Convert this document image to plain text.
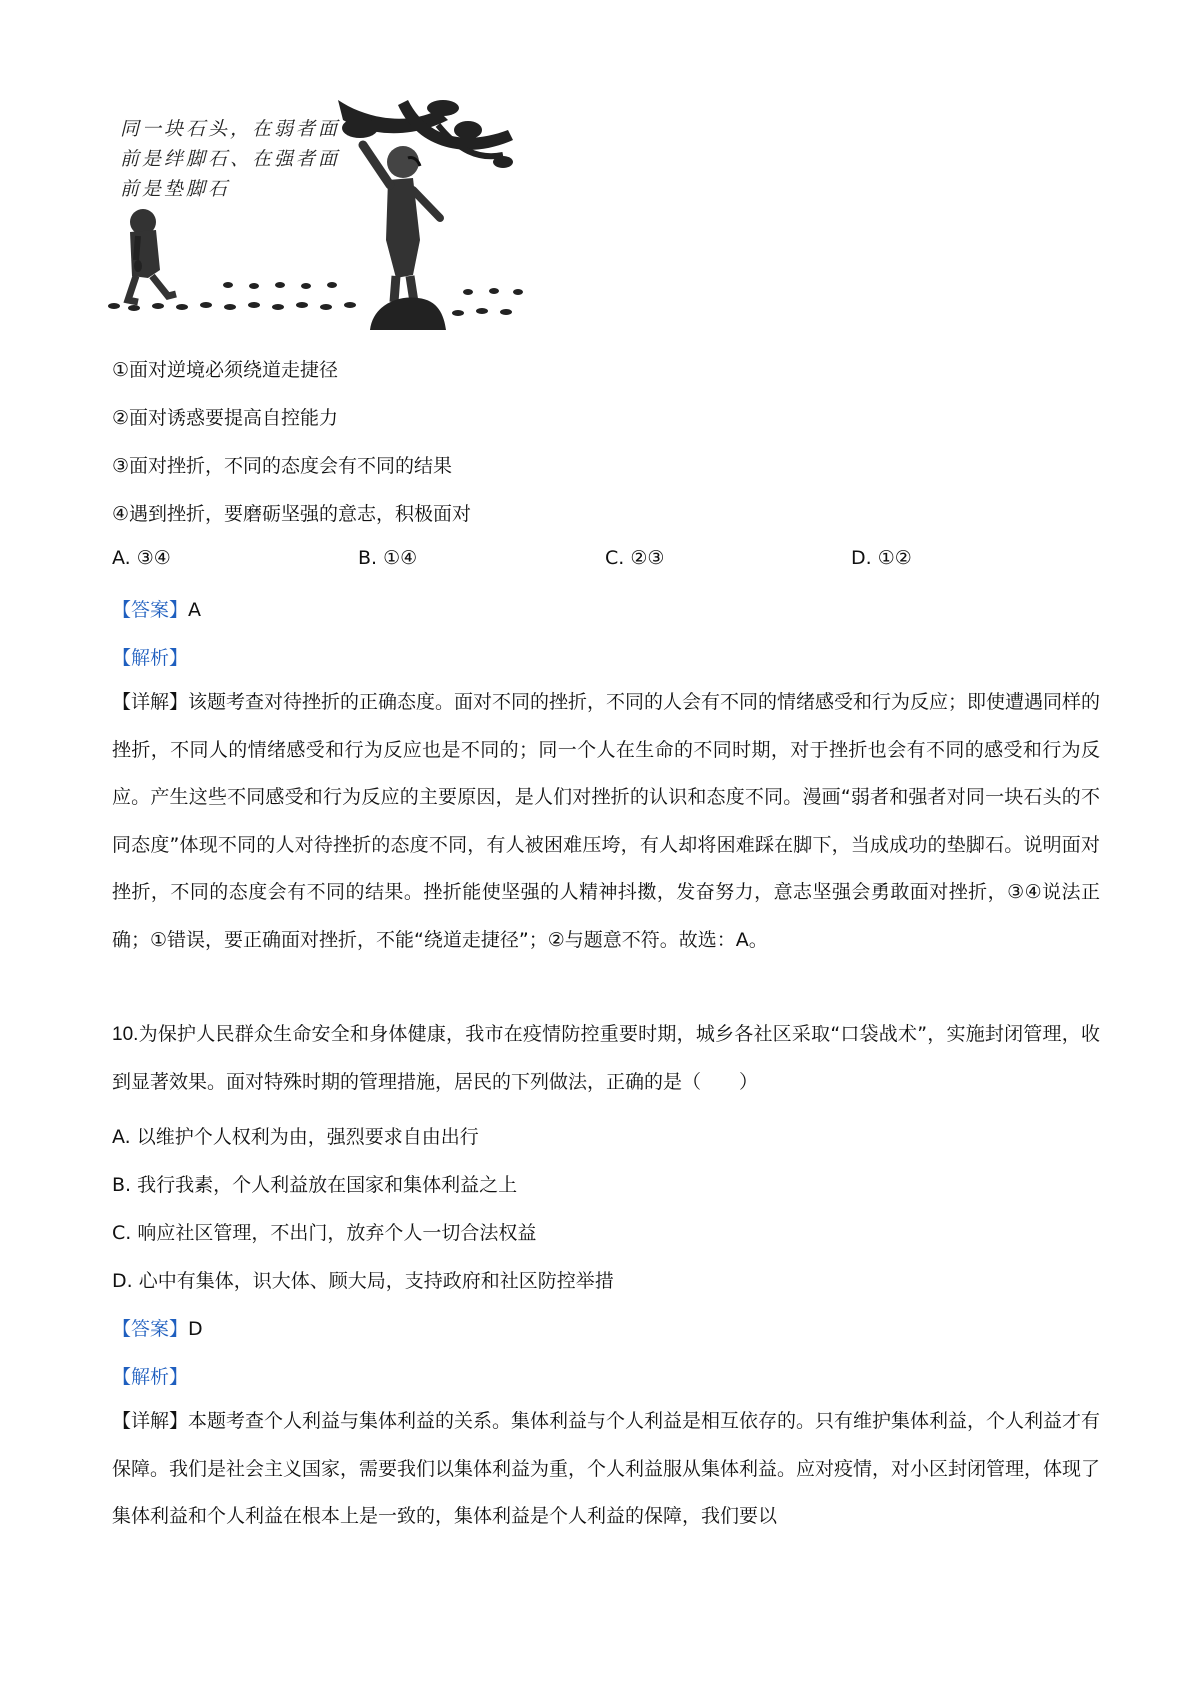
同一块石头，在弱者面前是绊脚石、在强者面前是垫脚石
①面对逆境必须绕道走捷径
②面对诱惑要提高自控能力
③面对挫折，不同的态度会有不同的结果
④遇到挫折，要磨砺坚强的意志，积极面对
A. ③④	B. ①④	C. ②③	D. ①②
【答案】A
【解析】
【详解】该题考查对待挫折的正确态度。面对不同的挫折，不同的人会有不同的情绪感受和行为反应；即使遭遇同样的挫折，不同人的情绪感受和行为反应也是不同的；同一个人在生命的不同时期，对于挫折也会有不同的感受和行为反应。产生这些不同感受和行为反应的主要原因，是人们对挫折的认识和态度不同。漫画“弱者和强者对同一块石头的不同态度”体现不同的人对待挫折的态度不同，有人被困难压垮，有人却将困难踩在脚下，当成成功的垫脚石。说明面对挫折，不同的态度会有不同的结果。挫折能使坚强的人精神抖擞，发奋努力，意志坚强会勇敢面对挫折，③④说法正确；①错误，要正确面对挫折，不能“绕道走捷径”；②与题意不符。故选：A。
10.为保护人民群众生命安全和身体健康，我市在疫情防控重要时期，城乡各社区采取“口袋战术”，实施封闭管理，收到显著效果。面对特殊时期的管理措施，居民的下列做法，正确的是（　　）
A. 以维护个人权利为由，强烈要求自由出行
B. 我行我素，个人利益放在国家和集体利益之上
C. 响应社区管理，不出门，放弃个人一切合法权益
D. 心中有集体，识大体、顾大局，支持政府和社区防控举措
【答案】D
【解析】
【详解】本题考查个人利益与集体利益的关系。集体利益与个人利益是相互依存的。只有维护集体利益，个人利益才有保障。我们是社会主义国家，需要我们以集体利益为重，个人利益服从集体利益。应对疫情，对小区封闭管理，体现了集体利益和个人利益在根本上是一致的，集体利益是个人利益的保障，我们要以
